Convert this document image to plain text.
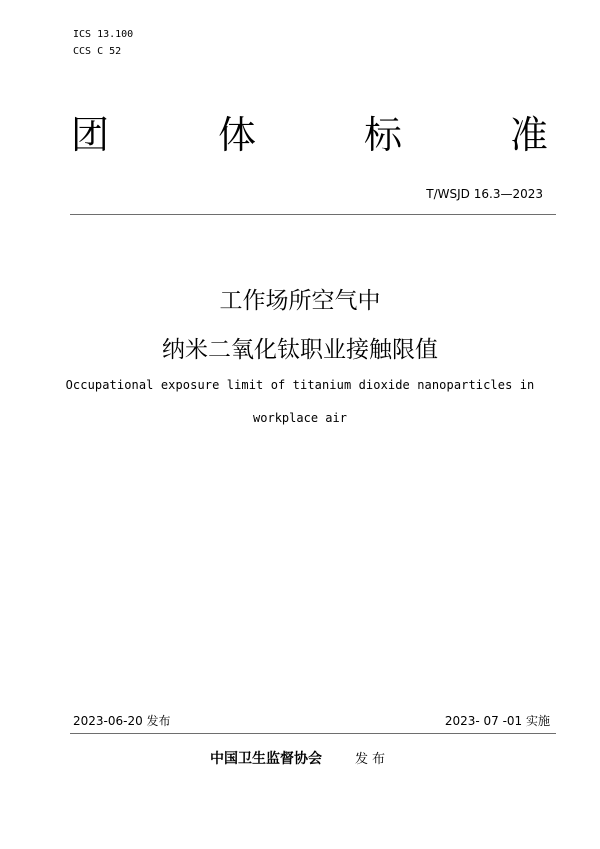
ICS 13.100
CCS C 52
团	体	标	准
T/WSJD 16.3—2023
工作场所空气中
纳米二氧化钛职业接触限值
Occupational exposure limit of titanium dioxide nanoparticles in
workplace air
2023-06-20 发布	2023- 07 -01 实施
中国卫生监督协会	发布
